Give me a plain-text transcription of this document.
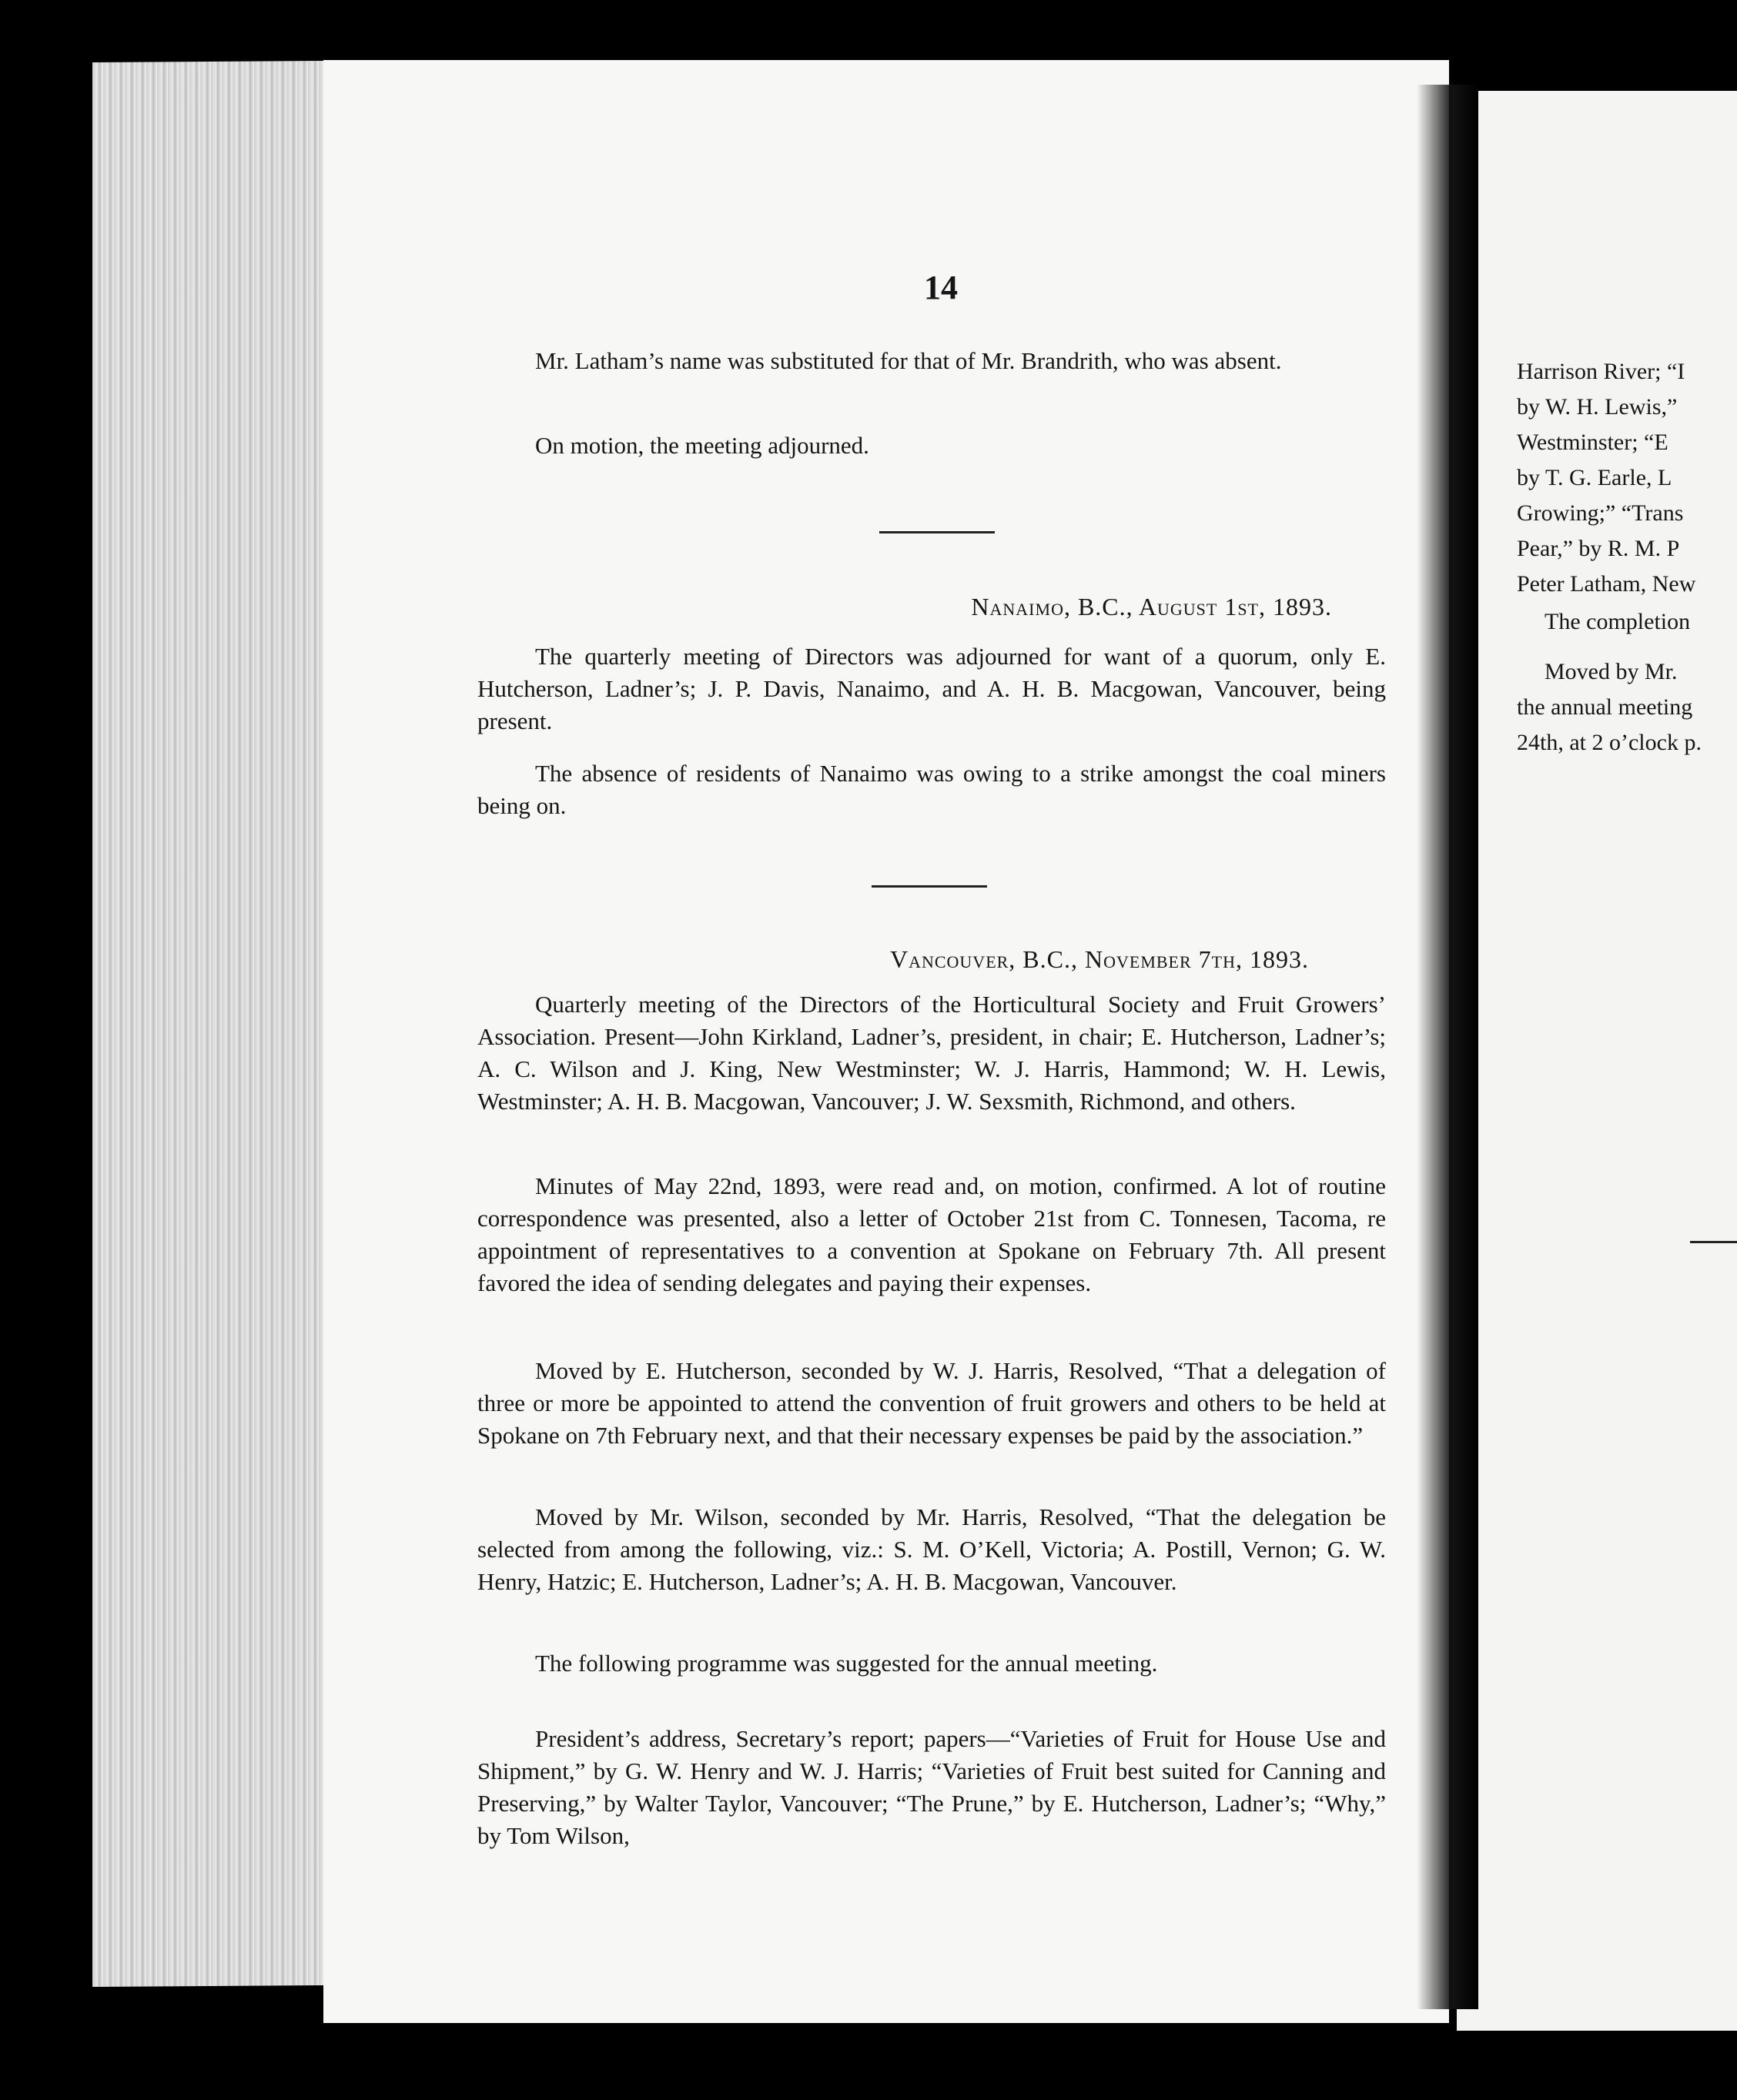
14
Mr. Latham’s name was substituted for that of Mr. Brandrith, who was absent.
On motion, the meeting adjourned.
Nanaimo, B.C., August 1st, 1893.
The quarterly meeting of Directors was adjourned for want of a quorum, only E. Hutcherson, Ladner’s; J. P. Davis, Nanaimo, and A. H. B. Macgowan, Vancouver, being present.
The absence of residents of Nanaimo was owing to a strike amongst the coal miners being on.
Vancouver, B.C., November 7th, 1893.
Quarterly meeting of the Directors of the Horticultural Society and Fruit Growers’ Association. Present—John Kirkland, Ladner’s, president, in chair; E. Hutcherson, Ladner’s; A. C. Wilson and J. King, New Westminster; W. J. Harris, Hammond; W. H. Lewis, Westminster; A. H. B. Macgowan, Vancouver; J. W. Sexsmith, Richmond, and others.
Minutes of May 22nd, 1893, were read and, on motion, confirmed. A lot of routine correspondence was presented, also a letter of October 21st from C. Tonnesen, Tacoma, re appointment of representatives to a convention at Spokane on February 7th. All present favored the idea of sending delegates and paying their expenses.
Moved by E. Hutcherson, seconded by W. J. Harris, Resolved, “That a delegation of three or more be appointed to attend the convention of fruit growers and others to be held at Spokane on 7th February next, and that their necessary expenses be paid by the association.”
Moved by Mr. Wilson, seconded by Mr. Harris, Resolved, “That the delegation be selected from among the following, viz.: S. M. O’Kell, Victoria; A. Postill, Vernon; G. W. Henry, Hatzic; E. Hutcherson, Ladner’s; A. H. B. Macgowan, Vancouver.
The following programme was suggested for the annual meeting.
President’s address, Secretary’s report; papers—“Varieties of Fruit for House Use and Shipment,” by G. W. Henry and W. J. Harris; “Varieties of Fruit best suited for Canning and Preserving,” by Walter Taylor, Vancouver; “The Prune,” by E. Hutcherson, Ladner’s; “Why,” by Tom Wilson,
Harrison River; “I
by W. H. Lewis,”
Westminster; “E
by T. G. Earle, L
Growing;” “Trans
Pear,” by R. M. P
Peter Latham, New
The completion
Moved by Mr.
the annual meeting
24th, at 2 o’clock p.
